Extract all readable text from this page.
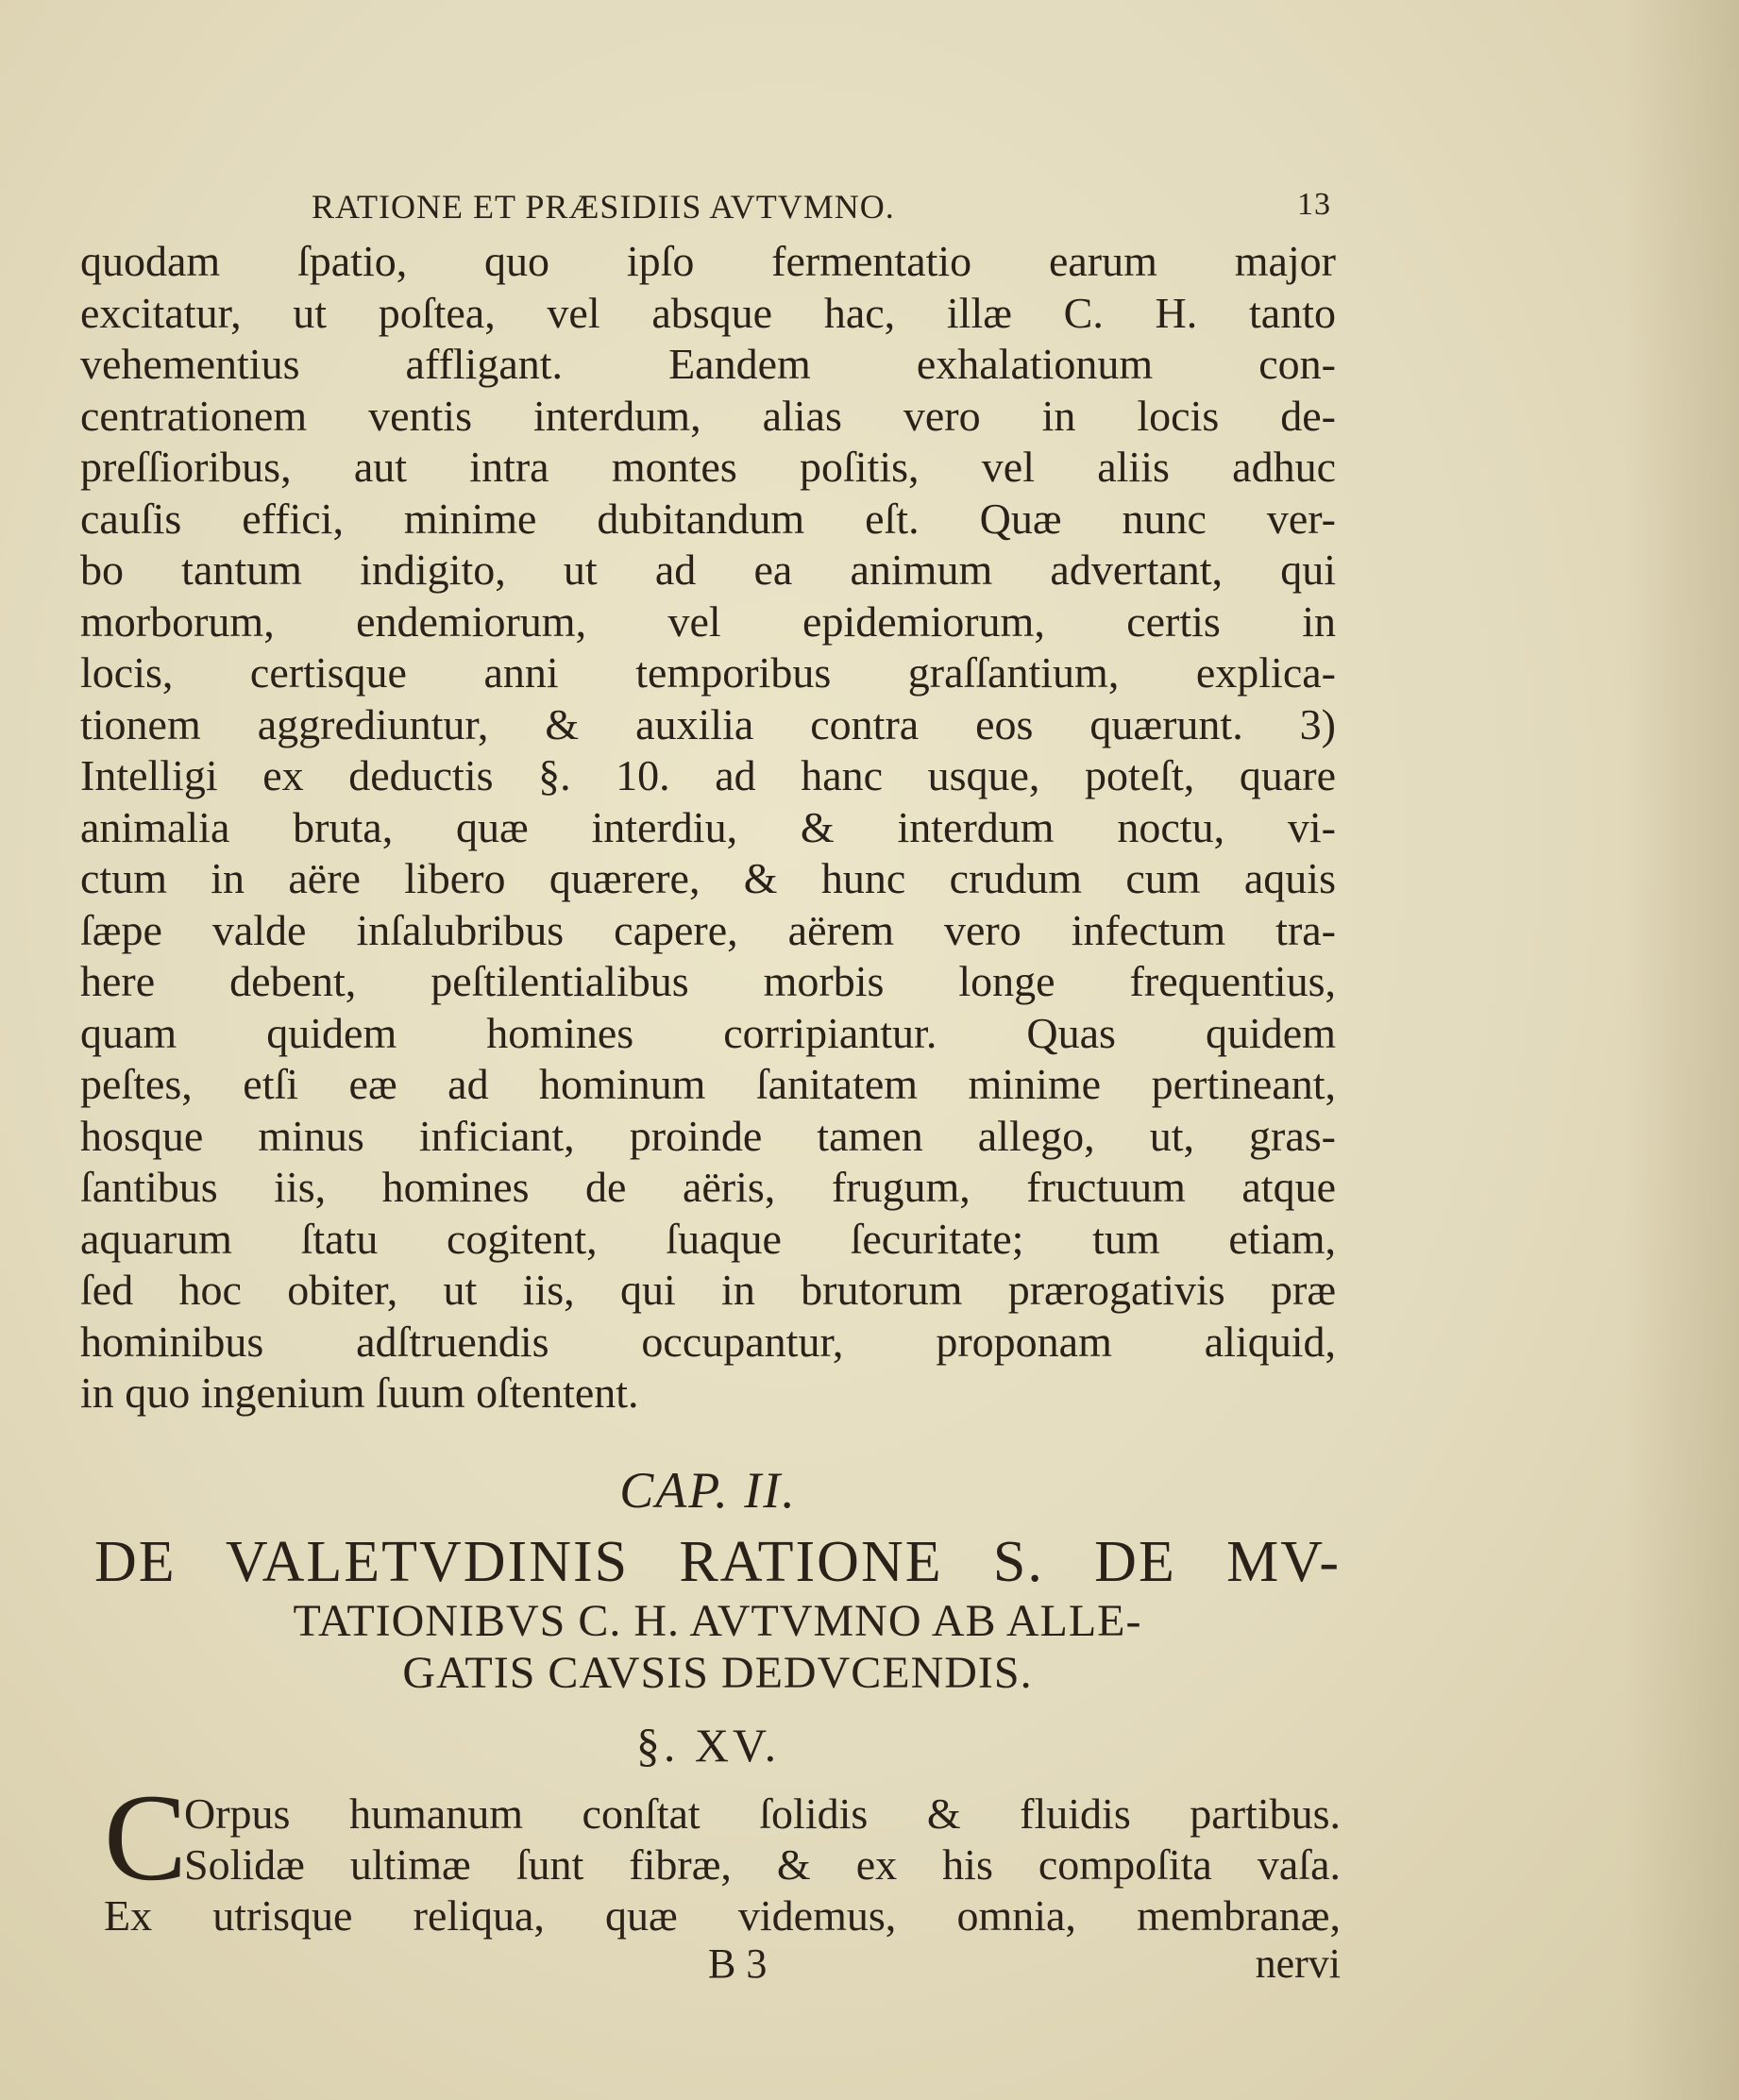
RATIONE ET PRÆSIDIIS AVTVMNO.	13
quodam ſpatio, quo ipſo fermentatio earum major
excitatur, ut poſtea, vel absque hac, illæ C. H. tanto
vehementius affligant. Eandem exhalationum con-
centrationem ventis interdum, alias vero in locis de-
preſſioribus, aut intra montes poſitis, vel aliis adhuc
cauſis effici, minime dubitandum eſt. Quæ nunc ver-
bo tantum indigito, ut ad ea animum advertant, qui
morborum, endemiorum, vel epidemiorum, certis in
locis, certisque anni temporibus graſſantium, explica-
tionem aggrediuntur, & auxilia contra eos quærunt. 3)
Intelligi ex deductis §. 10. ad hanc usque, poteſt, quare
animalia bruta, quæ interdiu, & interdum noctu, vi-
ctum in aëre libero quærere, & hunc crudum cum aquis
ſæpe valde inſalubribus capere, aërem vero infectum tra-
here debent, peſtilentialibus morbis longe frequentius,
quam quidem homines corripiantur. Quas quidem
peſtes, etſi eæ ad hominum ſanitatem minime pertineant,
hosque minus inficiant, proinde tamen allego, ut, gras-
ſantibus iis, homines de aëris, frugum, fructuum atque
aquarum ſtatu cogitent, ſuaque ſecuritate; tum etiam,
ſed hoc obiter, ut iis, qui in brutorum prærogativis præ
hominibus adſtruendis occupantur, proponam aliquid,
in quo ingenium ſuum oſtentent.
CAP. II.
DE VALETVDINIS RATIONE S. DE MV-
TATIONIBVS C. H. AVTVMNO AB ALLE-
GATIS CAVSIS DEDVCENDIS.
§. XV.
C
Orpus humanum conſtat ſolidis & fluidis partibus.
Solidæ ultimæ ſunt fibræ, & ex his compoſita vaſa.
Ex utrisque reliqua, quæ videmus, omnia, membranæ,
B 3	nervi
